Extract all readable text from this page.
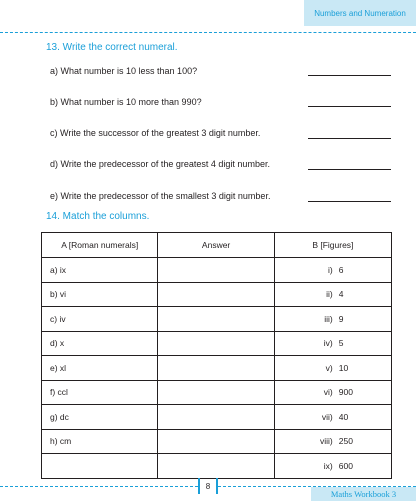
Numbers and Numeration
13. Write the correct numeral.
a) What number is 10 less than 100?
b) What number is 10 more than 990?
c) Write the successor of the greatest 3 digit number.
d) Write the predecessor of the greatest 4 digit number.
e) Write the predecessor of the smallest 3 digit number.
14. Match the columns.
A [Roman numerals]	Answer	B [Figures]
a) ix		i) 6

b) vi		ii) 4

c) iv		iii) 9

d) x		iv) 5

e) xl		v) 10

f) ccl		vi) 900

g) dc		vii) 40

h) cm		viii) 250

		ix) 600
8
Maths Workbook 3
